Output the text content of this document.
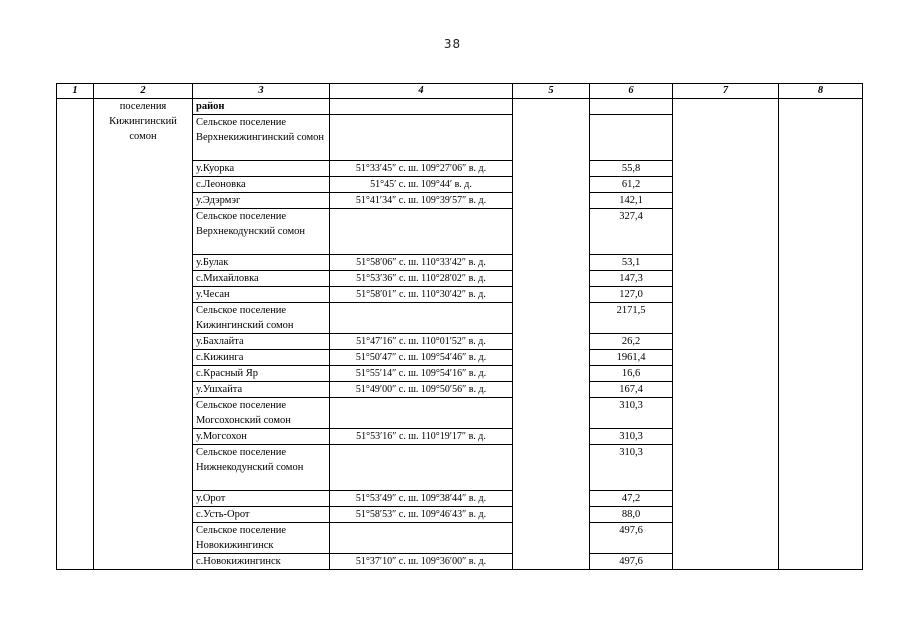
38
1	2	3	4	5	6	7	8
	поселения Кижингинский сомон	район					
		Сельское поселение Верхнекижингинский сомон					
		у.Куорка	51°33′45″ с. ш. 109°27′06″ в. д.		55,8		
		с.Леоновка	51°45′ с. ш. 109°44′ в. д.		61,2		
		у.Эдэрмэг	51°41′34″ с. ш. 109°39′57″ в. д.		142,1		
		Сельское поселение Верхнекодунский сомон			327,4		
		у.Булак	51°58′06″ с. ш. 110°33′42″ в. д.		53,1		
		с.Михайловка	51°53′36″ с. ш. 110°28′02″ в. д.		147,3		
		у.Чесан	51°58′01″ с. ш. 110°30′42″ в. д.		127,0		
		Сельское поселение Кижингинский сомон			2171,5		
		у.Бахлайта	51°47′16″ с. ш. 110°01′52″ в. д.		26,2		
		с.Кижинга	51°50′47″ с. ш. 109°54′46″ в. д.		1961,4		
		с.Красный Яр	51°55′14″ с. ш. 109°54′16″ в. д.		16,6		
		у.Ушхайта	51°49′00″ с. ш. 109°50′56″ в. д.		167,4		
		Сельское поселение Могсохонский сомон			310,3		
		у.Могсохон	51°53′16″ с. ш. 110°19′17″ в. д.		310,3		
		Сельское поселение Нижнекодунский сомон			310,3		
		у.Орот	51°53′49″ с. ш. 109°38′44″ в. д.		47,2		
		с.Усть-Орот	51°58′53″ с. ш. 109°46′43″ в. д.		88,0		
		Сельское поселение Новокижингинск			497,6		
		с.Новокижингинск	51°37′10″ с. ш. 109°36′00″ в. д.		497,6		
